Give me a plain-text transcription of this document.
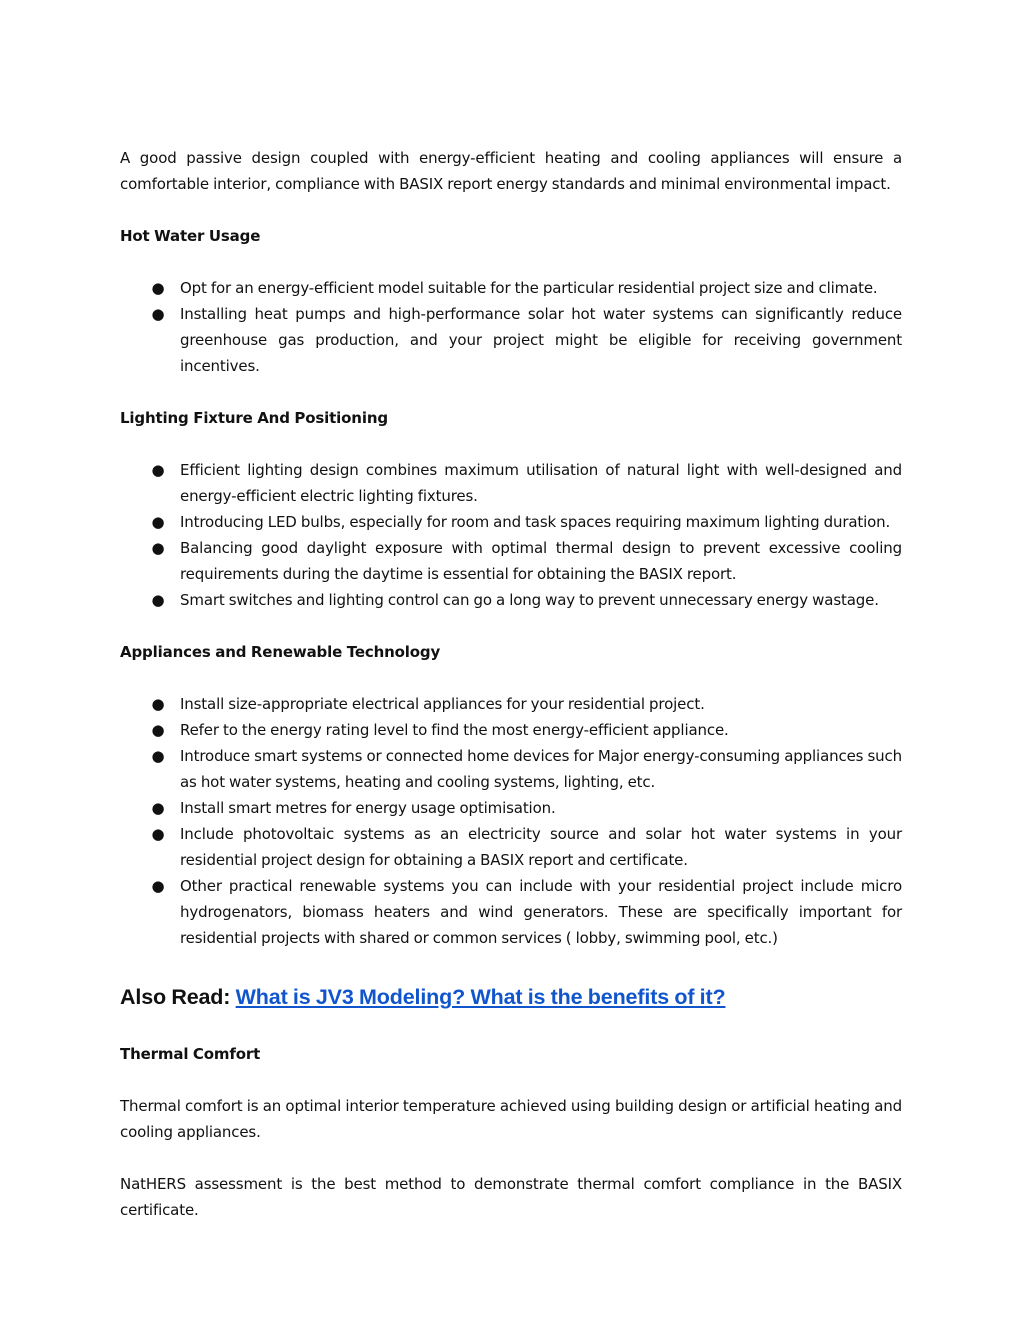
A good passive design coupled with energy-efficient heating and cooling appliances will ensure a comfortable interior, compliance with BASIX report energy standards and minimal environmental impact.

Hot Water Usage

● Opt for an energy-efficient model suitable for the particular residential project size and climate.
● Installing heat pumps and high-performance solar hot water systems can significantly reduce greenhouse gas production, and your project might be eligible for receiving government incentives.

Lighting Fixture And Positioning

● Efficient lighting design combines maximum utilisation of natural light with well-designed and energy-efficient electric lighting fixtures.
● Introducing LED bulbs, especially for room and task spaces requiring maximum lighting duration.
● Balancing good daylight exposure with optimal thermal design to prevent excessive cooling requirements during the daytime is essential for obtaining the BASIX report.
● Smart switches and lighting control can go a long way to prevent unnecessary energy wastage.

Appliances and Renewable Technology

● Install size-appropriate electrical appliances for your residential project.
● Refer to the energy rating level to find the most energy-efficient appliance.
● Introduce smart systems or connected home devices for Major energy-consuming appliances such as hot water systems, heating and cooling systems, lighting, etc.
● Install smart metres for energy usage optimisation.
● Include photovoltaic systems as an electricity source and solar hot water systems in your residential project design for obtaining a BASIX report and certificate.
● Other practical renewable systems you can include with your residential project include micro hydrogenators, biomass heaters and wind generators. These are specifically important for residential projects with shared or common services ( lobby, swimming pool, etc.)

Also Read: What is JV3 Modeling? What is the benefits of it?

Thermal Comfort

Thermal comfort is an optimal interior temperature achieved using building design or artificial heating and cooling appliances.

NatHERS assessment is the best method to demonstrate thermal comfort compliance in the BASIX certificate.
